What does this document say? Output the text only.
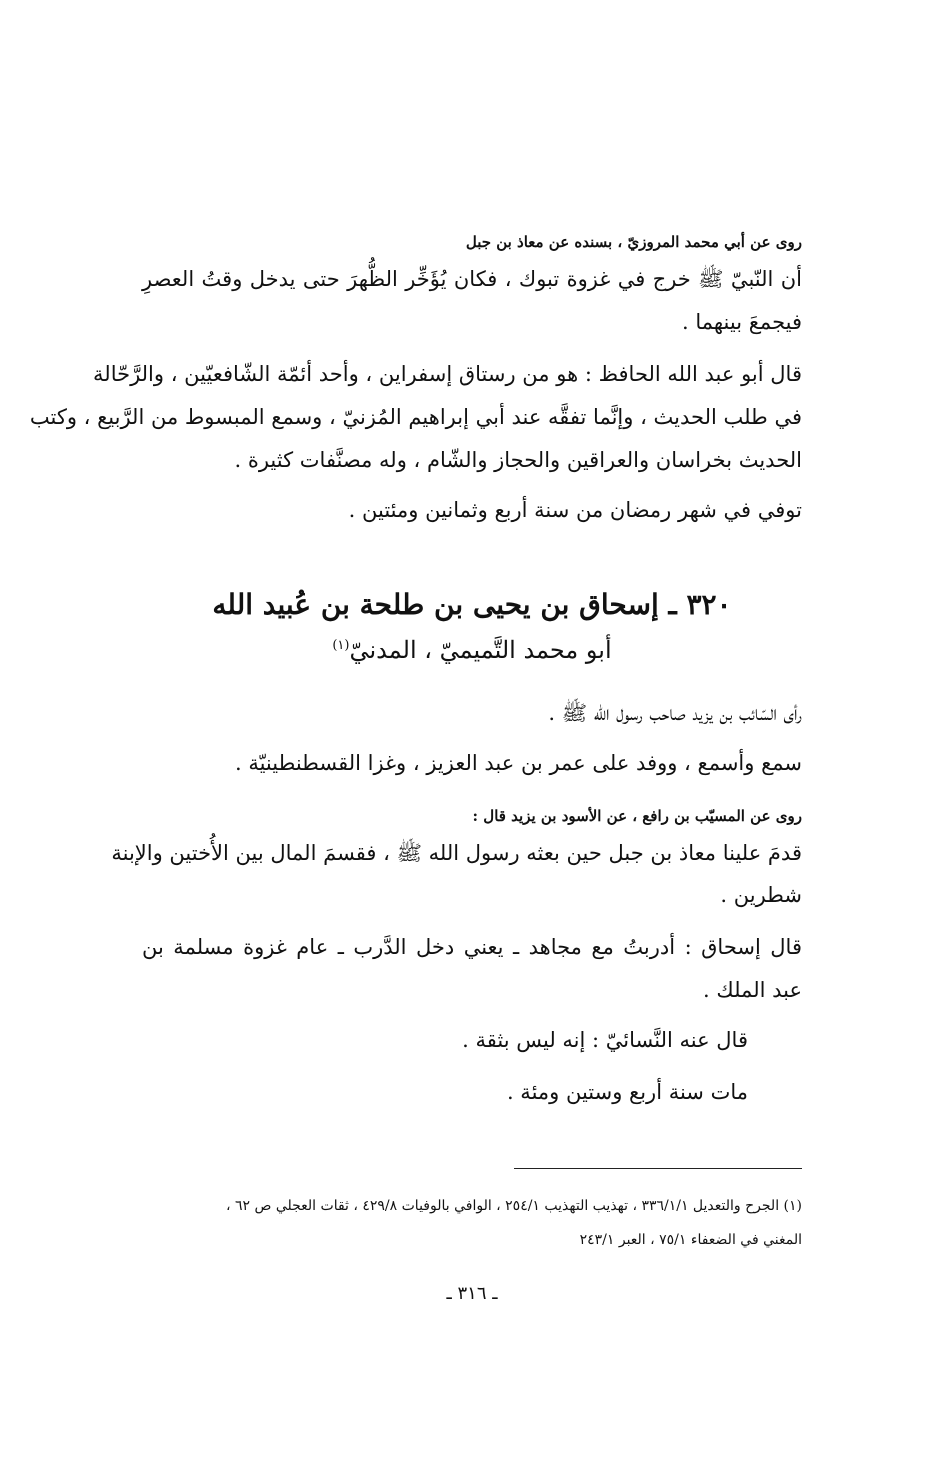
روى عن أبي محمد المروزيّ ، بسنده عن معاذ بن جبل
أن النّبيّ ﷺ خرج في غزوة تبوك ، فكان يُؤَخِّر الظُّهرَ حتى يدخل وقتُ العصرِ
فيجمعَ بينهما .
قال أبو عبد الله الحافظ : هو من رستاق إسفراين ، وأحد أئمّة الشّافعيّين ، والرَّحّالة
في طلب الحديث ، وإنَّما تفقَّه عند أبي إبراهيم المُزنيّ ، وسمع المبسوط من الرَّبيع ، وكتب
الحديث بخراسان والعراقين والحجاز والشّام ، وله مصنَّفات كثيرة .
توفي في شهر رمضان من سنة أربع وثمانين ومئتين .
٣٢٠ ـ إسحاق بن يحيى بن طلحة بن عُبيد الله
أبو محمد التَّميميّ ، المدنيّ$^{(١)}$
رأى السّائب بن يزيد صاحب رسول الله ﷺ .
سمع وأسمع ، ووفد على عمر بن عبد العزيز ، وغزا القسطنطينيّة .
روى عن المسيّب بن رافع ، عن الأسود بن يزيد قال :
قدمَ علينا معاذ بن جبل حين بعثه رسول الله ﷺ ، فقسمَ المال بين الأُختين والإبنة
شطرين .
قال إسحاق : أدربتُ مع مجاهد ـ يعني دخل الدَّرب ـ عام غزوة مسلمة بن
عبد الملك .
قال عنه النَّسائيّ : إنه ليس بثقة .
مات سنة أربع وستين ومئة .
(١) الجرح والتعديل ٣٣٦/١/١ ، تهذيب التهذيب ٢٥٤/١ ، الوافي بالوفيات ٤٢٩/٨ ، ثقات العجلي ص ٦٢ ،
المغني في الضعفاء ٧٥/١ ، العبر ٢٤٣/١
ـ ٣١٦ ـ
